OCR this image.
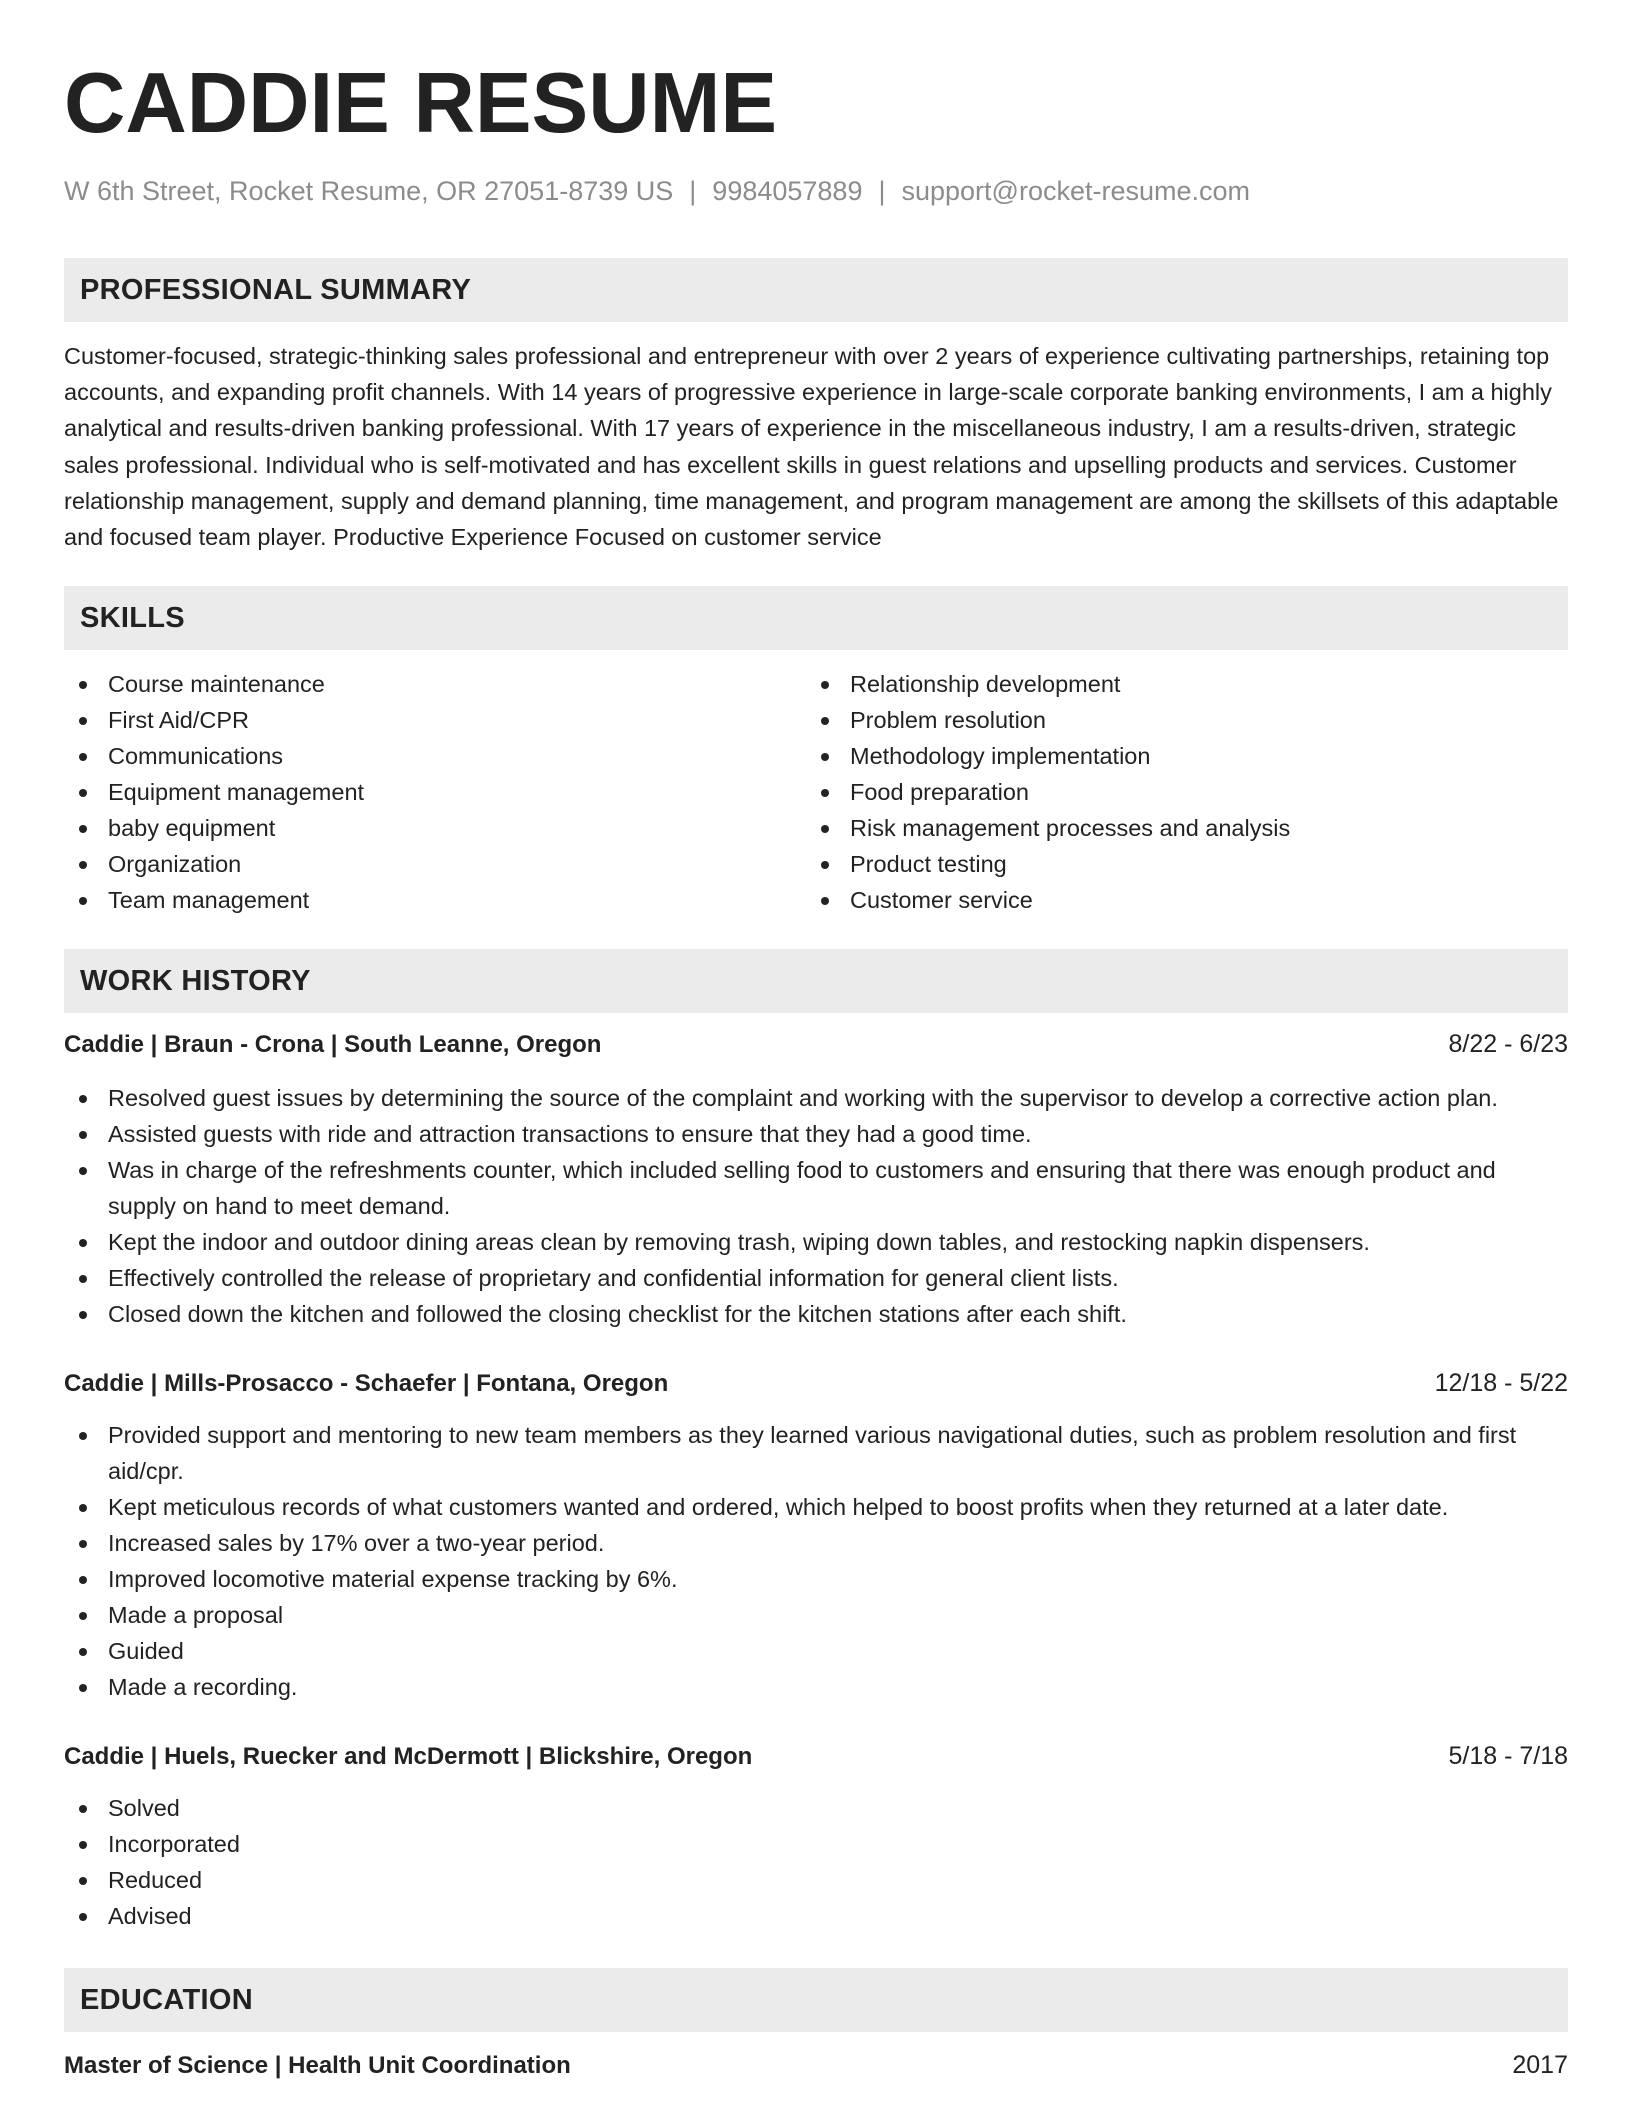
CADDIE RESUME
W 6th Street, Rocket Resume, OR 27051-8739 US | 9984057889 | support@rocket-resume.com
PROFESSIONAL SUMMARY
Customer-focused, strategic-thinking sales professional and entrepreneur with over 2 years of experience cultivating partnerships, retaining top accounts, and expanding profit channels. With 14 years of progressive experience in large-scale corporate banking environments, I am a highly analytical and results-driven banking professional. With 17 years of experience in the miscellaneous industry, I am a results-driven, strategic sales professional. Individual who is self-motivated and has excellent skills in guest relations and upselling products and services. Customer relationship management, supply and demand planning, time management, and program management are among the skillsets of this adaptable and focused team player. Productive Experience Focused on customer service
SKILLS
Course maintenance
First Aid/CPR
Communications
Equipment management
baby equipment
Organization
Team management
Relationship development
Problem resolution
Methodology implementation
Food preparation
Risk management processes and analysis
Product testing
Customer service
WORK HISTORY
Caddie | Braun - Crona | South Leanne, Oregon	8/22 - 6/23
Resolved guest issues by determining the source of the complaint and working with the supervisor to develop a corrective action plan.
Assisted guests with ride and attraction transactions to ensure that they had a good time.
Was in charge of the refreshments counter, which included selling food to customers and ensuring that there was enough product and supply on hand to meet demand.
Kept the indoor and outdoor dining areas clean by removing trash, wiping down tables, and restocking napkin dispensers.
Effectively controlled the release of proprietary and confidential information for general client lists.
Closed down the kitchen and followed the closing checklist for the kitchen stations after each shift.
Caddie | Mills-Prosacco - Schaefer | Fontana, Oregon	12/18 - 5/22
Provided support and mentoring to new team members as they learned various navigational duties, such as problem resolution and first aid/cpr.
Kept meticulous records of what customers wanted and ordered, which helped to boost profits when they returned at a later date.
Increased sales by 17% over a two-year period.
Improved locomotive material expense tracking by 6%.
Made a proposal
Guided
Made a recording.
Caddie | Huels, Ruecker and McDermott | Blickshire, Oregon	5/18 - 7/18
Solved
Incorporated
Reduced
Advised
EDUCATION
Master of Science | Health Unit Coordination	2017
